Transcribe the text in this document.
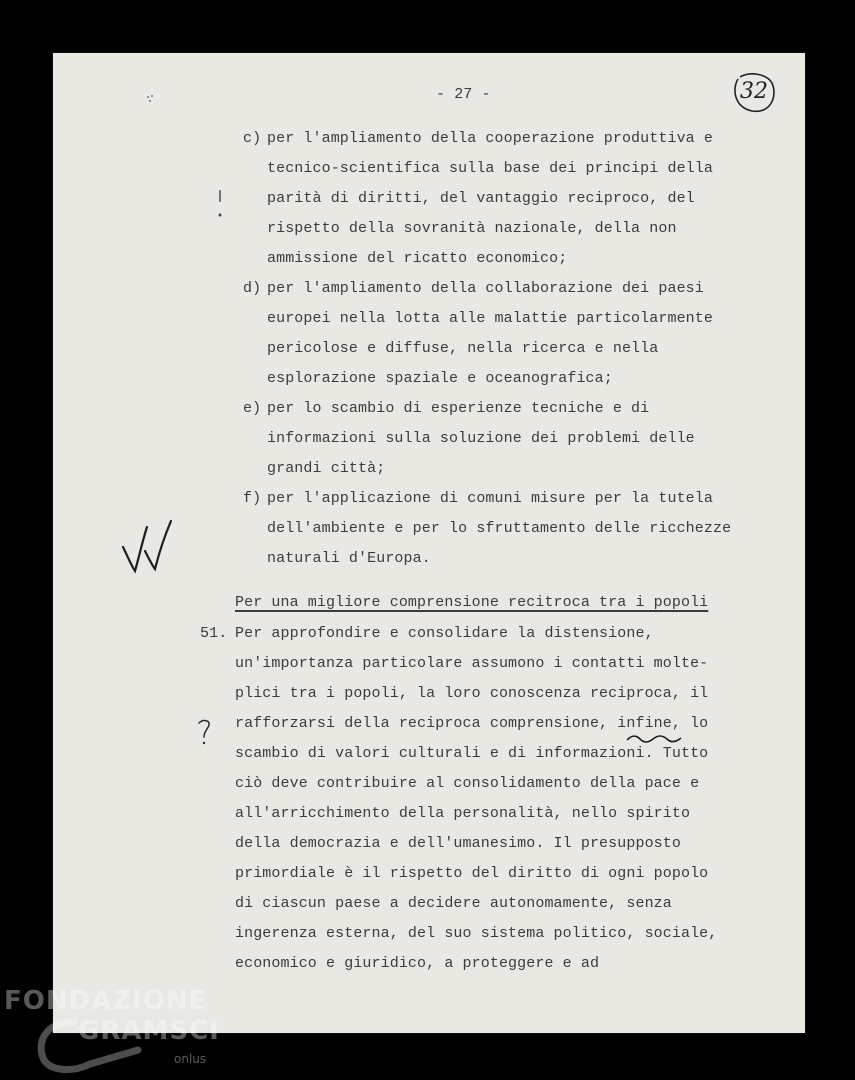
- 27 -	32
c) per l'ampliamento della cooperazione produttiva e
tecnico-scientifica sulla base dei principi della
parità di diritti, del vantaggio reciproco, del
rispetto della sovranità nazionale, della non
ammissione del ricatto economico;
d) per l'ampliamento della collaborazione dei paesi
europei nella lotta alle malattie particolarmente
pericolose e diffuse, nella ricerca e nella
esplorazione spaziale e oceanografica;
e) per lo scambio di esperienze tecniche e di
informazioni sulla soluzione dei problemi delle
grandi città;
f) per l'applicazione di comuni misure per la tutela
dell'ambiente e per lo sfruttamento delle ricchezze
naturali d'Europa.
Per una migliore comprensione recitroca tra i popoli
51. Per approfondire e consolidare la distensione,
un'importanza particolare assumono i contatti molte-
plici tra i popoli, la loro conoscenza reciproca, il
rafforzarsi della reciproca comprensione, infine, lo
scambio di valori culturali e di informazioni. Tutto
ciò deve contribuire al consolidamento della pace e
all'arricchimento della personalità, nello spirito
della democrazia e dell'umanesimo. Il presupposto
primordiale è il rispetto del diritto di ogni popolo
di ciascun paese a decidere autonomamente, senza
ingerenza esterna, del suo sistema politico, sociale,
economico e giuridico, a proteggere e ad
FONDAZIONE
GRAMSCI
onlus
